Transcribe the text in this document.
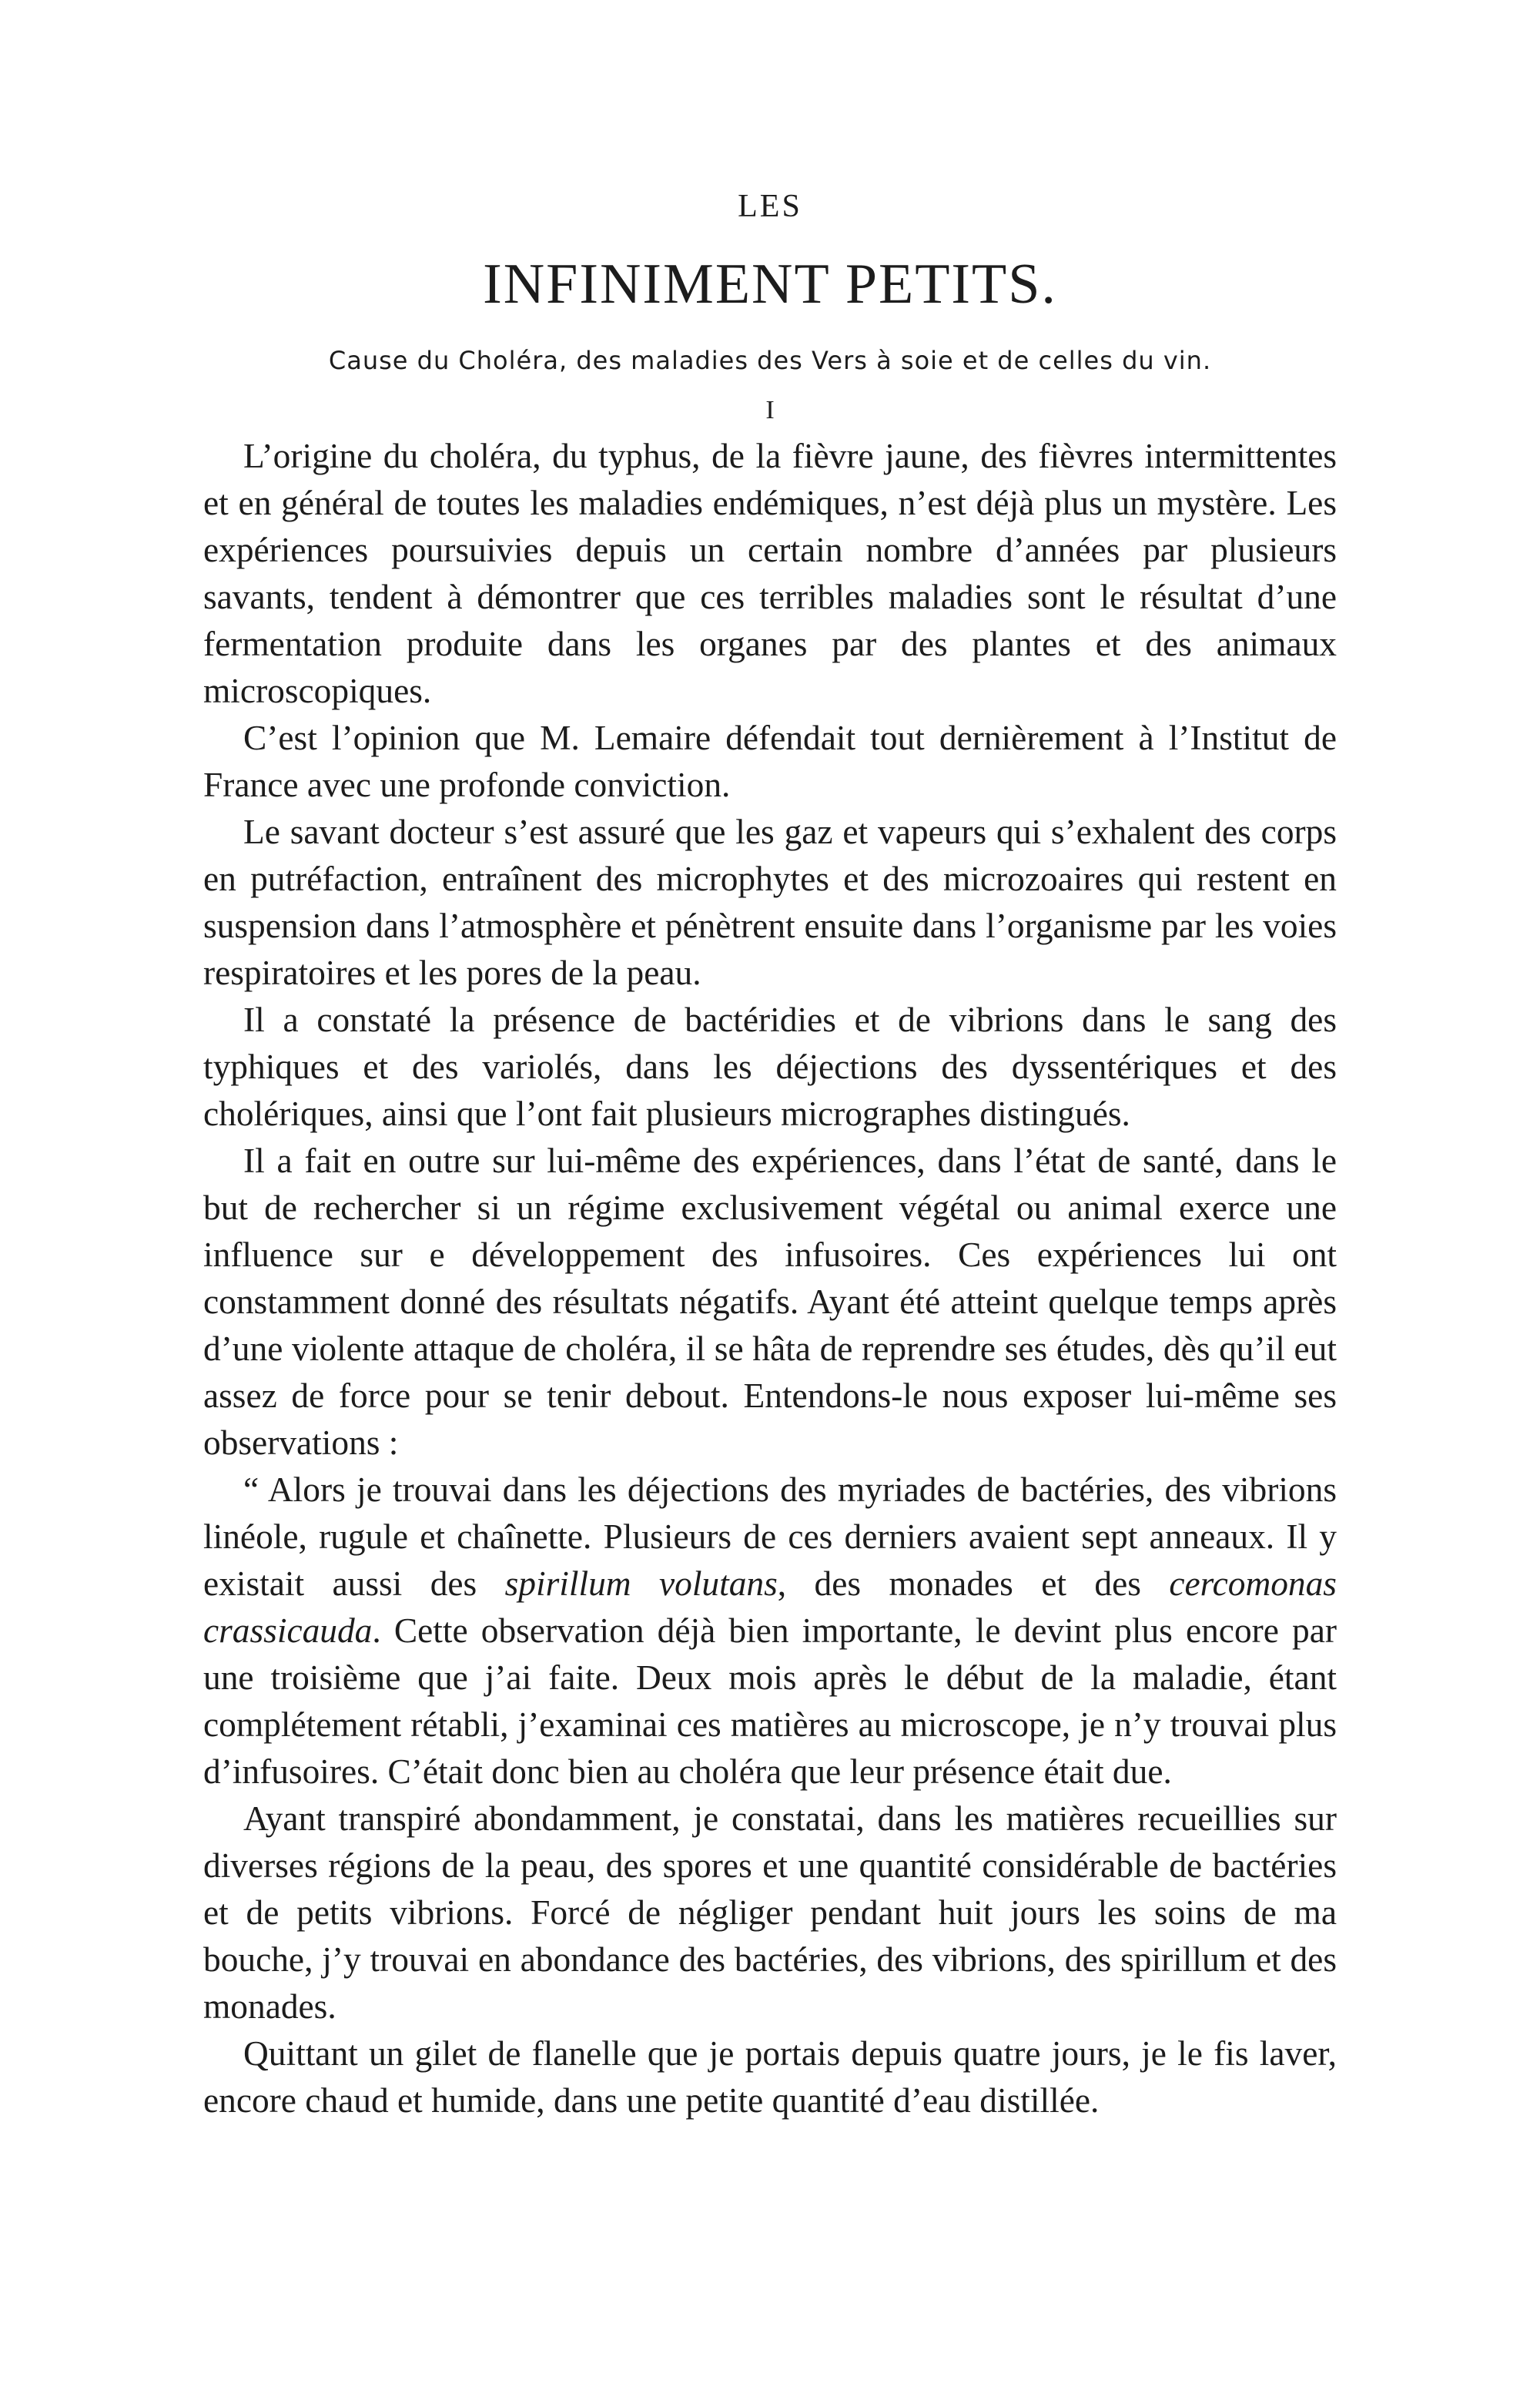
LES
INFINIMENT PETITS.
Cause du Choléra, des maladies des Vers à soie et de celles du vin.
I

L’origine du choléra, du typhus, de la fièvre jaune, des fièvres intermittentes et en général de toutes les maladies endémiques, n’est déjà plus un mystère. Les expériences poursuivies depuis un certain nombre d’années par plusieurs savants, tendent à démontrer que ces terribles maladies sont le résultat d’une fermentation produite dans les organes par des plantes et des animaux microscopiques.

C’est l’opinion que M. Lemaire défendait tout dernièrement à l’Institut de France avec une profonde conviction.

Le savant docteur s’est assuré que les gaz et vapeurs qui s’exhalent des corps en putréfaction, entraînent des microphytes et des microzoaires qui restent en suspension dans l’atmosphère et pénètrent ensuite dans l’organisme par les voies respiratoires et les pores de la peau.

Il a constaté la présence de bactéridies et de vibrions dans le sang des typhiques et des variolés, dans les déjections des dyssentériques et des cholériques, ainsi que l’ont fait plusieurs micrographes distingués.

Il a fait en outre sur lui-même des expériences, dans l’état de santé, dans le but de rechercher si un régime exclusivement végétal ou animal exerce une influence sur e développement des infusoires. Ces expériences lui ont constamment donné des résultats négatifs. Ayant été atteint quelque temps après d’une violente attaque de choléra, il se hâta de reprendre ses études, dès qu’il eut assez de force pour se tenir debout. Entendons-le nous exposer lui-même ses observations :

“ Alors je trouvai dans les déjections des myriades de bactéries, des vibrions linéole, rugule et chaînette. Plusieurs de ces derniers avaient sept anneaux. Il y existait aussi des spirillum volutans, des monades et des cercomonas crassicauda. Cette observation déjà bien importante, le devint plus encore par une troisième que j’ai faite. Deux mois après le début de la maladie, étant complétement rétabli, j’examinai ces matières au microscope, je n’y trouvai plus d’infusoires. C’était donc bien au choléra que leur présence était due.

Ayant transpiré abondamment, je constatai, dans les matières recueillies sur diverses régions de la peau, des spores et une quantité considérable de bactéries et de petits vibrions. Forcé de négliger pendant huit jours les soins de ma bouche, j’y trouvai en abondance des bactéries, des vibrions, des spirillum et des monades.

Quittant un gilet de flanelle que je portais depuis quatre jours, je le fis laver, encore chaud et humide, dans une petite quantité d’eau distillée.
